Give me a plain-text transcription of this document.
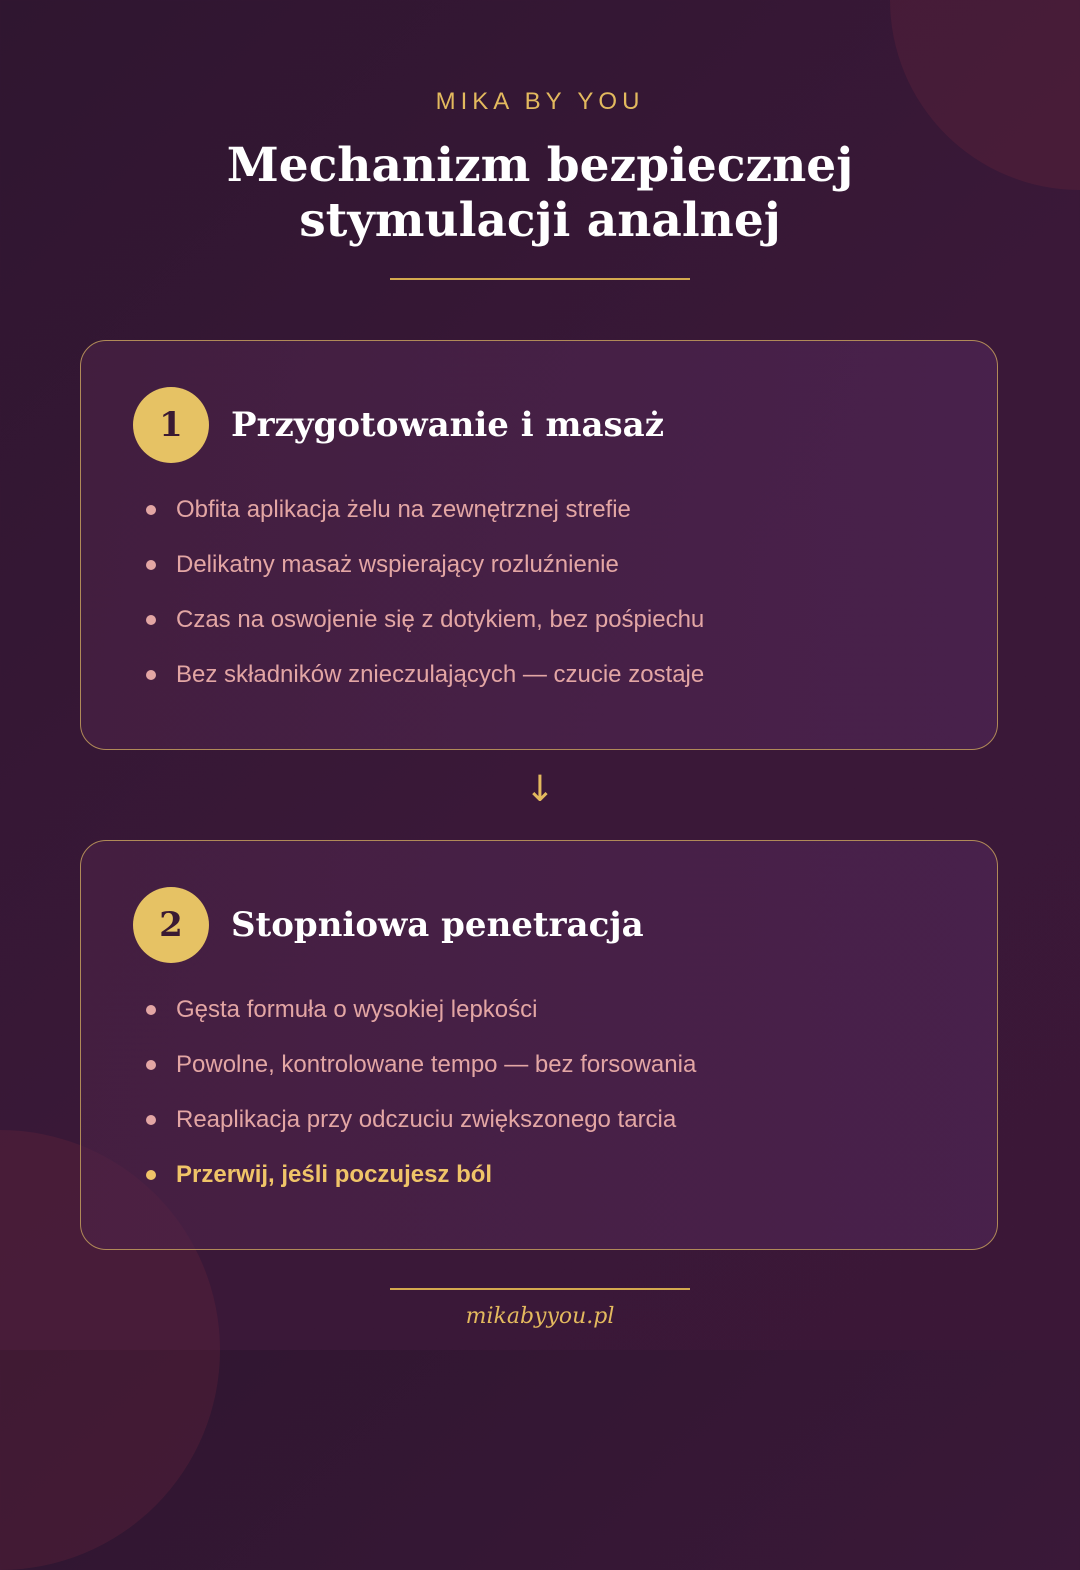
MIKA BY YOU
Mechanizm bezpiecznej
stymulacji analnej
1	Przygotowanie i masaż
Obfita aplikacja żelu na zewnętrznej strefie
Delikatny masaż wspierający rozluźnienie
Czas na oswojenie się z dotykiem, bez pośpiechu
Bez składników znieczulających — czucie zostaje
↓
2	Stopniowa penetracja
Gęsta formuła o wysokiej lepkości
Powolne, kontrolowane tempo — bez forsowania
Reaplikacja przy odczuciu zwiększonego tarcia
Przerwij, jeśli poczujesz ból
mikabyyou.pl
